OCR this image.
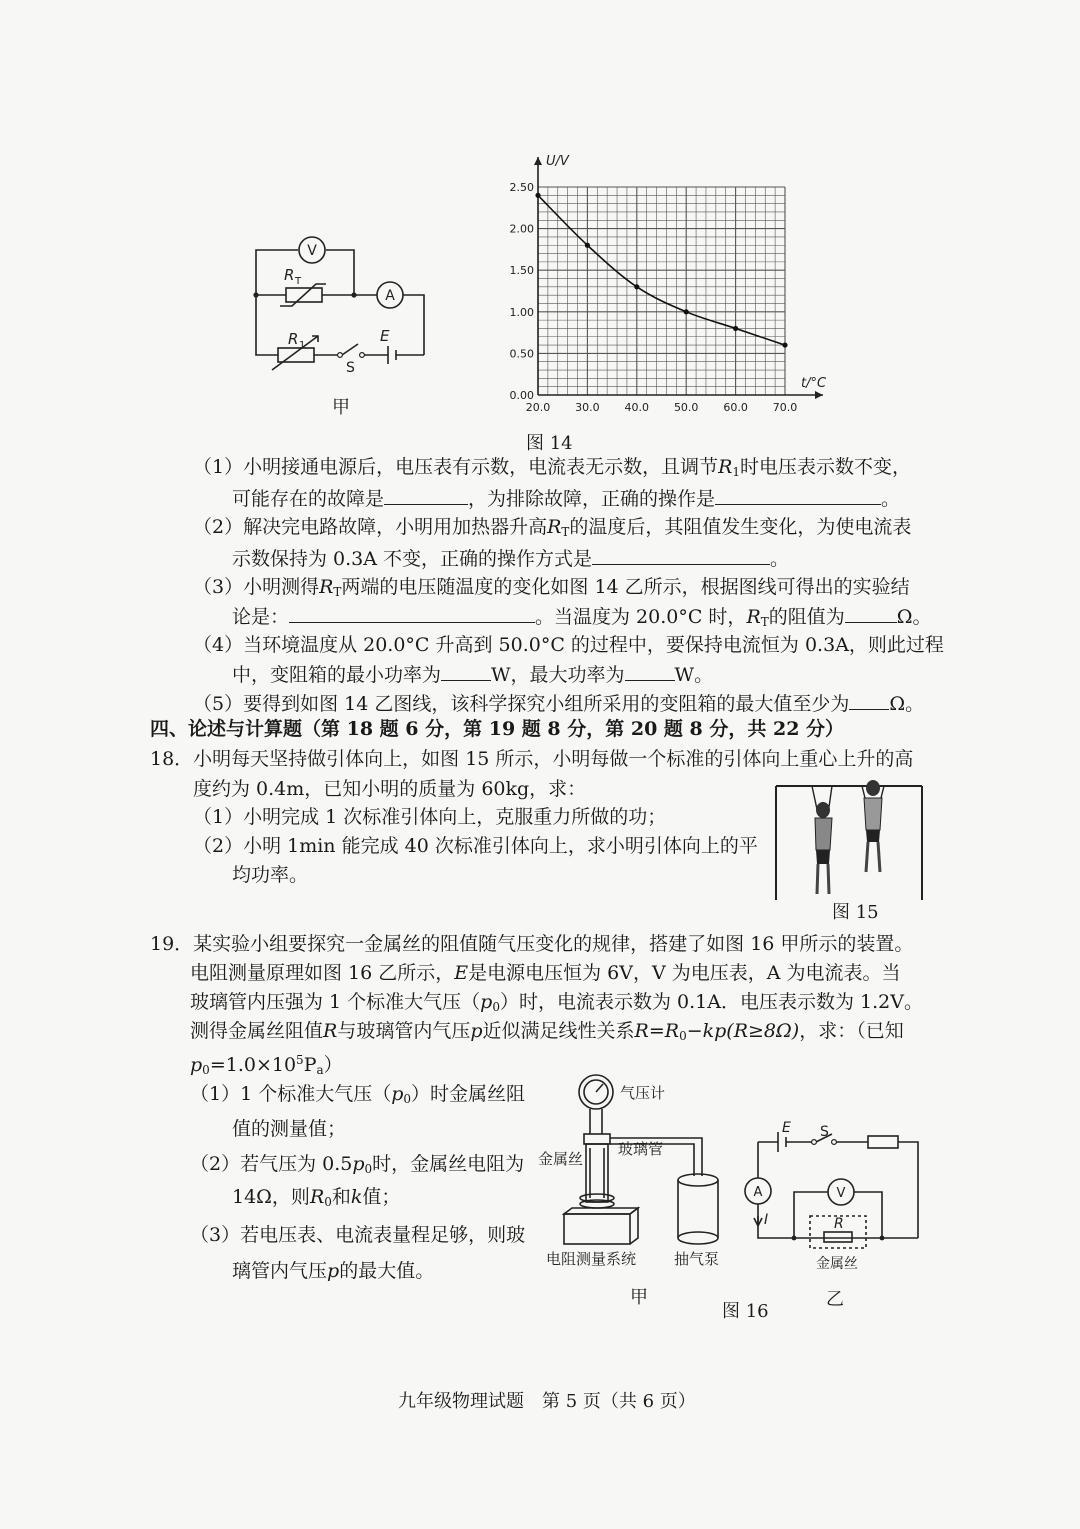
V
A
R T
R 1
S
E
甲
U/V
t/°C
0.00
20.0 30.0 40.0 50.0 60.0 70.0
0.50
1.00
1.50
2.00
2.50
图 14
（1）小明接通电源后，电压表有示数，电流表无示数，且调节$R_1$时电压表示数不变，
可能存在的故障是	，为排除故障，正确的操作是	。
（2）解决完电路故障，小明用加热器升高$R_T$的温度后，其阻值发生变化，为使电流表
示数保持为 0.3A 不变，正确的操作方式是	。
（3）小明测得$R_T$两端的电压随温度的变化如图 14 乙所示，根据图线可得出的实验结
论是：	。当温度为 20.0°C 时，$R_T$的阻值为	Ω。
（4）当环境温度从 20.0°C 升高到 50.0°C 的过程中，要保持电流恒为 0.3A，则此过程
中，变阻箱的最小功率为	W，最大功率为	W。
（5）要得到如图 14 乙图线，该科学探究小组所采用的变阻箱的最大值至少为 Ω。
四、论述与计算题（第 18 题 6 分，第 19 题 8 分，第 20 题 8 分，共 22 分）
18．小明每天坚持做引体向上，如图 15 所示，小明每做一个标准的引体向上重心上升的高
度约为 0.4m，已知小明的质量为 60kg，求：
（1）小明完成 1 次标准引体向上，克服重力所做的功；
（2）小明 1min 能完成 40 次标准引体向上，求小明引体向上的平
均功率。
图 15
19．某实验小组要探究一金属丝的阻值随气压变化的规律，搭建了如图 16 甲所示的装置。
电阻测量原理如图 16 乙所示，E是电源电压恒为 6V，V 为电压表，A 为电流表。当
玻璃管内压强为 1 个标准大气压$(p_0)$时，电流表示数为 0.1A．电压表示数为 1.2V。
测得金属丝阻值R与玻璃管内气压p近似满足线性关系$R=R_0-kp(R\ge 8\Omega)$，求：（已知
$p_0=1.0\times 10^5P_a$）
（1）1 个标准大气压$(p_0)$时金属丝阻
值的测量值；
（2）若气压为 $0.5p_0$时，金属丝电阻为
14Ω，则$R_0$和k值；
（3）若电压表、电流表量程足够，则玻
璃管内气压p的最大值。
气压计
金属丝
玻璃管
电阻测量系统	抽气泵
甲
A	V
E S
R
I
金属丝
乙
图 16
九年级物理试题　第 5 页（共 6 页）
